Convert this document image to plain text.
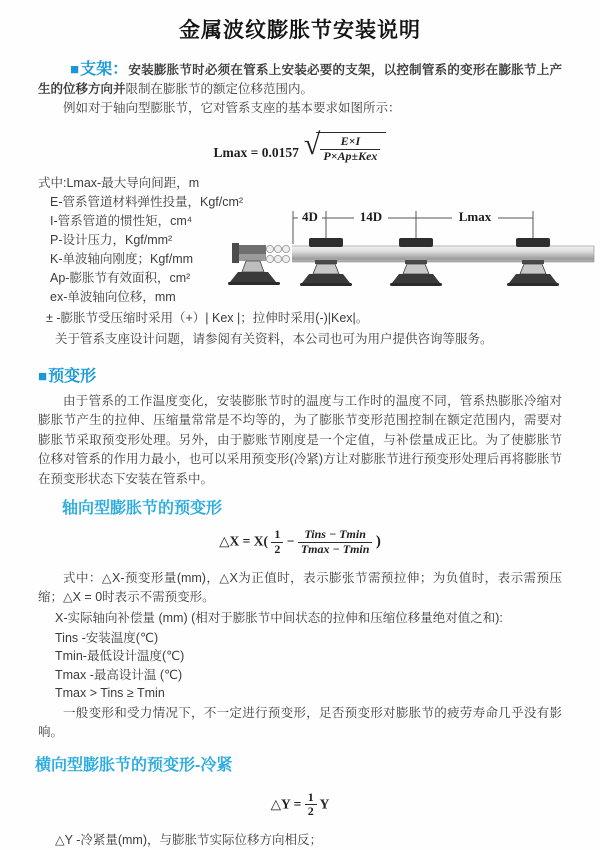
金属波纹膨胀节安装说明

■支架：安装膨胀节时必须在管系上安装必要的支架，以控制管系的变形在膨胀节上产生的位移方向并限制在膨胀节的额定位移范围内。

例如对于轴向型膨胀节，它对管系支座的基本要求如图所示：

Lmax = 0.0157 √ $\frac{E\times I}{\text{P×Ap±Kex}}$
式中:Lmax-最大导向间距，m
E-管系管道材料弹性投量，Kgf/cm²
I-管系管道的惯性矩，cm⁴
P-设计压力，Kgf/mm²
K-单波轴向刚度；Kgf/mm
Ap-膨胀节有效面积，cm²
ex-单波轴向位移，mm
4D	14D	Lmax
± -膨胀节受压缩时采用（+）| Kex |；拉伸时采用(-)|Kex|。
关于管系支座设计问题，请参阅有关资料，本公司也可为用户提供咨询等服务。
■预变形

由于管系的工作温度变化，安装膨胀节时的温度与工作时的温度不同，管系热膨胀冷缩对膨胀节产生的拉伸、压缩量常常是不均等的，为了膨胀节变形范围控制在额定范围内，需要对膨胀节采取预变形处理。另外，由于膨账节刚度是一个定值，与补偿量成正比。为了使膨胀节位移对管系的作用力最小，也可以采用预变形(冷紧)方让对膨胀节进行预变形处理后再将膨胀节在预变形状态下安装在管系中。

轴向型膨胀节的预变形
△X = $X( \frac{1}{2} - \frac{\text{Tins − Tmin}}{Tmax - Tmin}$ )

式中：△X-预变形量(mm)，△X为正值时，表示膨张节需预拉伸；为负值时，表示需预压缩；△X = 0时表示不需预变形。

X-实际轴向补偿量 (mm) (相对于膨胀节中间状态的拉伸和压缩位移量绝对值之和):
Tins -安装温度(℃)
Tmin-最低设计温度(℃)
Tmax -最高设计温 (℃)
Tmax > Tins ≥ Tmin

一般变形和受力情况下，不一定进行预变形，足否预变形对膨胀节的疲劳寿命几乎没有影响。

横向型膨胀节的预变形-冷紧
△Y = $\frac{1}{2}$ Y
△Y -冷紧量(mm)，与膨胀节实际位移方向相反；
